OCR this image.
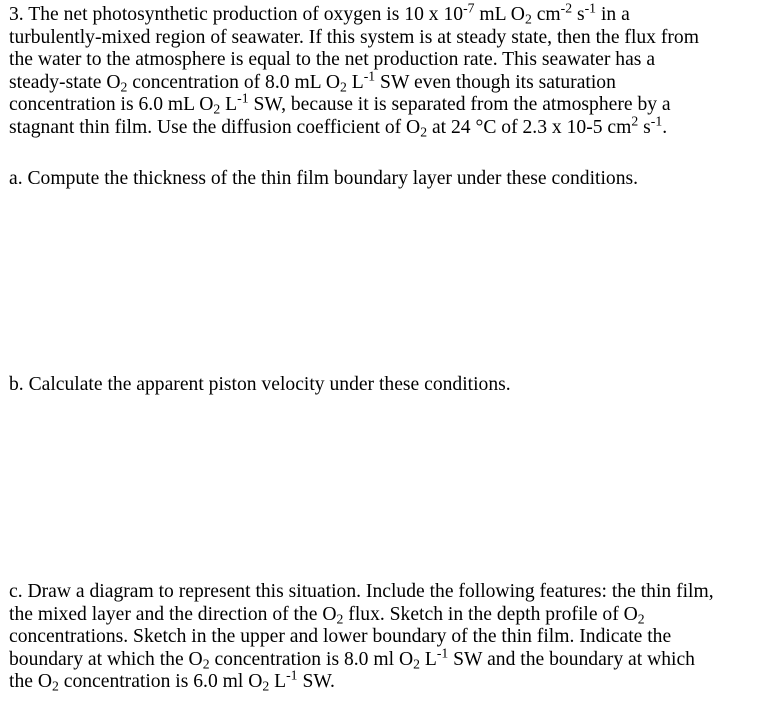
3. The net photosynthetic production of oxygen is 10 x $10^{-7}$ mL $O_2$ $cm^{-2}$ $s^{-1}$ in a
turbulently-mixed region of seawater. If this system is at steady state, then the flux from
the water to the atmosphere is equal to the net production rate. This seawater has a
steady-state $O_2$ concentration of 8.0 mL $O_2$ $L^{-1}$ SW even though its saturation
concentration is 6.0 mL $O_2$ $L^{-1}$ SW, because it is separated from the atmosphere by a
stagnant thin film. Use the diffusion coefficient of $O_2$ at 24 °C of 2.3 x 10-5 $cm^2$ $s^{-1}$.
a. Compute the thickness of the thin film boundary layer under these conditions.
b. Calculate the apparent piston velocity under these conditions.
c. Draw a diagram to represent this situation. Include the following features: the thin film,
the mixed layer and the direction of the $O_2$ flux. Sketch in the depth profile of $O_2$
concentrations. Sketch in the upper and lower boundary of the thin film. Indicate the
boundary at which the $O_2$ concentration is 8.0 ml $O_2$ $L^{-1}$ SW and the boundary at which
the $O_2$ concentration is 6.0 ml $O_2$ $L^{-1}$ SW.
